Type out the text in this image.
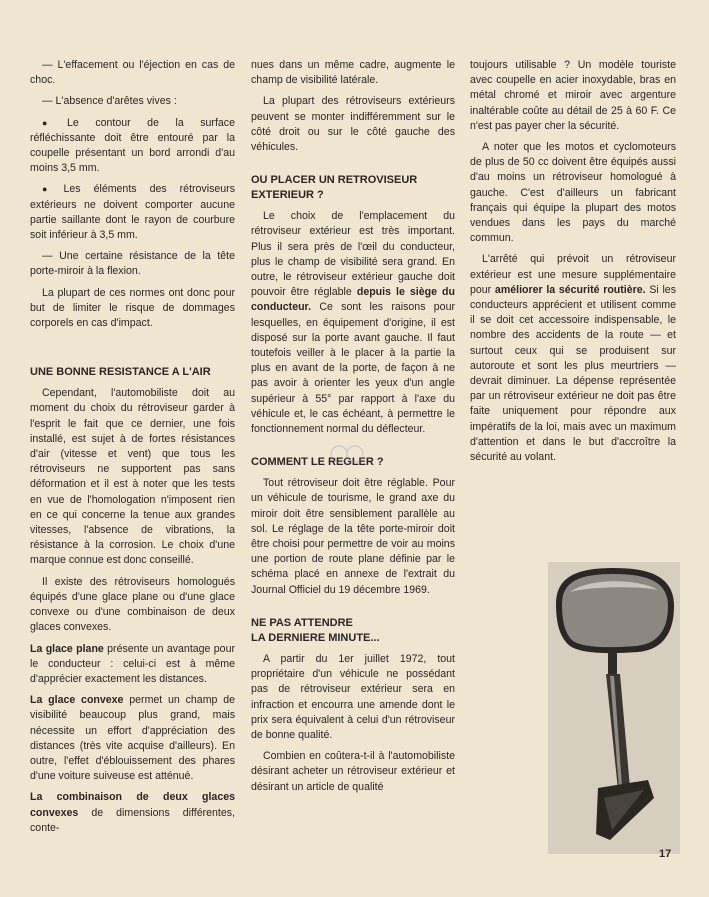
— L'effacement ou l'éjection en cas de choc.

— L'absence d'arêtes vives :

● Le contour de la surface réfléchissante doit être entouré par la coupelle présentant un bord arrondi d'au moins 3,5 mm.

● Les éléments des rétroviseurs extérieurs ne doivent comporter aucune partie saillante dont le rayon de courbure soit inférieur à 3,5 mm.

— Une certaine résistance de la tête porte-miroir à la flexion.

La plupart de ces normes ont donc pour but de limiter le risque de dommages corporels en cas d'impact.

UNE BONNE RESISTANCE A L'AIR

Cependant, l'automobiliste doit au moment du choix du rétroviseur garder à l'esprit le fait que ce dernier, une fois installé, est sujet à de fortes résistances d'air (vitesse et vent) que tous les rétroviseurs ne supportent pas sans déformation et il est à noter que les tests en vue de l'homologation n'imposent rien en ce qui concerne la tenue aux grandes vitesses, l'absence de vibrations, la résistance à la corrosion. Le choix d'une marque connue est donc conseillé.

Il existe des rétroviseurs homologués équipés d'une glace plane ou d'une glace convexe ou d'une combinaison de deux glaces convexes.

La glace plane présente un avantage pour le conducteur : celui-ci est à même d'apprécier exactement les distances.

La glace convexe permet un champ de visibilité beaucoup plus grand, mais nécessite un effort d'appréciation des distances (très vite acquise d'ailleurs). En outre, l'effet d'éblouissement des phares d'une voiture suiveuse est atténué.

La combinaison de deux glaces convexes de dimensions différentes, conte-

nues dans un même cadre, augmente le champ de visibilité latérale.

La plupart des rétroviseurs extérieurs peuvent se monter indifféremment sur le côté droit ou sur le côté gauche des véhicules.

OU PLACER UN RETROVISEUR EXTERIEUR ?

Le choix de l'emplacement du rétroviseur extérieur est très important. Plus il sera près de l'œil du conducteur, plus le champ de visibilité sera grand. En outre, le rétroviseur extérieur gauche doit pouvoir être réglable depuis le siège du conducteur. Ce sont les raisons pour lesquelles, en équipement d'origine, il est disposé sur la porte avant gauche. Il faut toutefois veiller à le placer à la partie la plus en avant de la porte, de façon à ne pas avoir à orienter les yeux d'un angle supérieur à 55° par rapport à l'axe du véhicule et, le cas échéant, à permettre le fonctionnement normal du déflecteur.

COMMENT LE REGLER ?

Tout rétroviseur doit être réglable. Pour un véhicule de tourisme, le grand axe du miroir doit être sensiblement parallèle au sol. Le réglage de la tête porte-miroir doit être choisi pour permettre de voir au moins une portion de route plane définie par le schéma placé en annexe de l'extrait du Journal Officiel du 19 décembre 1969.

NE PAS ATTENDRE
LA DERNIERE MINUTE...

A partir du 1er juillet 1972, tout propriétaire d'un véhicule ne possédant pas de rétroviseur extérieur sera en infraction et encourra une amende dont le prix sera équivalent à celui d'un rétroviseur de bonne qualité.

Combien en coûtera-t-il à l'automobiliste désirant acheter un rétroviseur extérieur et désirant un article de qualité

toujours utilisable ? Un modèle touriste avec coupelle en acier inoxydable, bras en métal chromé et miroir avec argenture inaltérable coûte au détail de 25 à 60 F. Ce n'est pas payer cher la sécurité.

A noter que les motos et cyclomoteurs de plus de 50 cc doivent être équipés aussi d'au moins un rétroviseur homologué à gauche. C'est d'ailleurs un fabricant français qui équipe la plupart des motos vendues dans les pays du marché commun.

L'arrêté qui prévoit un rétroviseur extérieur est une mesure supplémentaire pour améliorer la sécurité routière. Si les conducteurs apprécient et utilisent comme il se doit cet accessoire indispensable, le nombre des accidents de la route — et surtout ceux qui se produisent sur autoroute et sont les plus meurtriers — devrait diminuer. La dépense représentée par un rétroviseur extérieur ne doit pas être faite uniquement pour répondre aux impératifs de la loi, mais avec un maximum d'attention et dans le but d'accroître la sécurité au volant.

17
